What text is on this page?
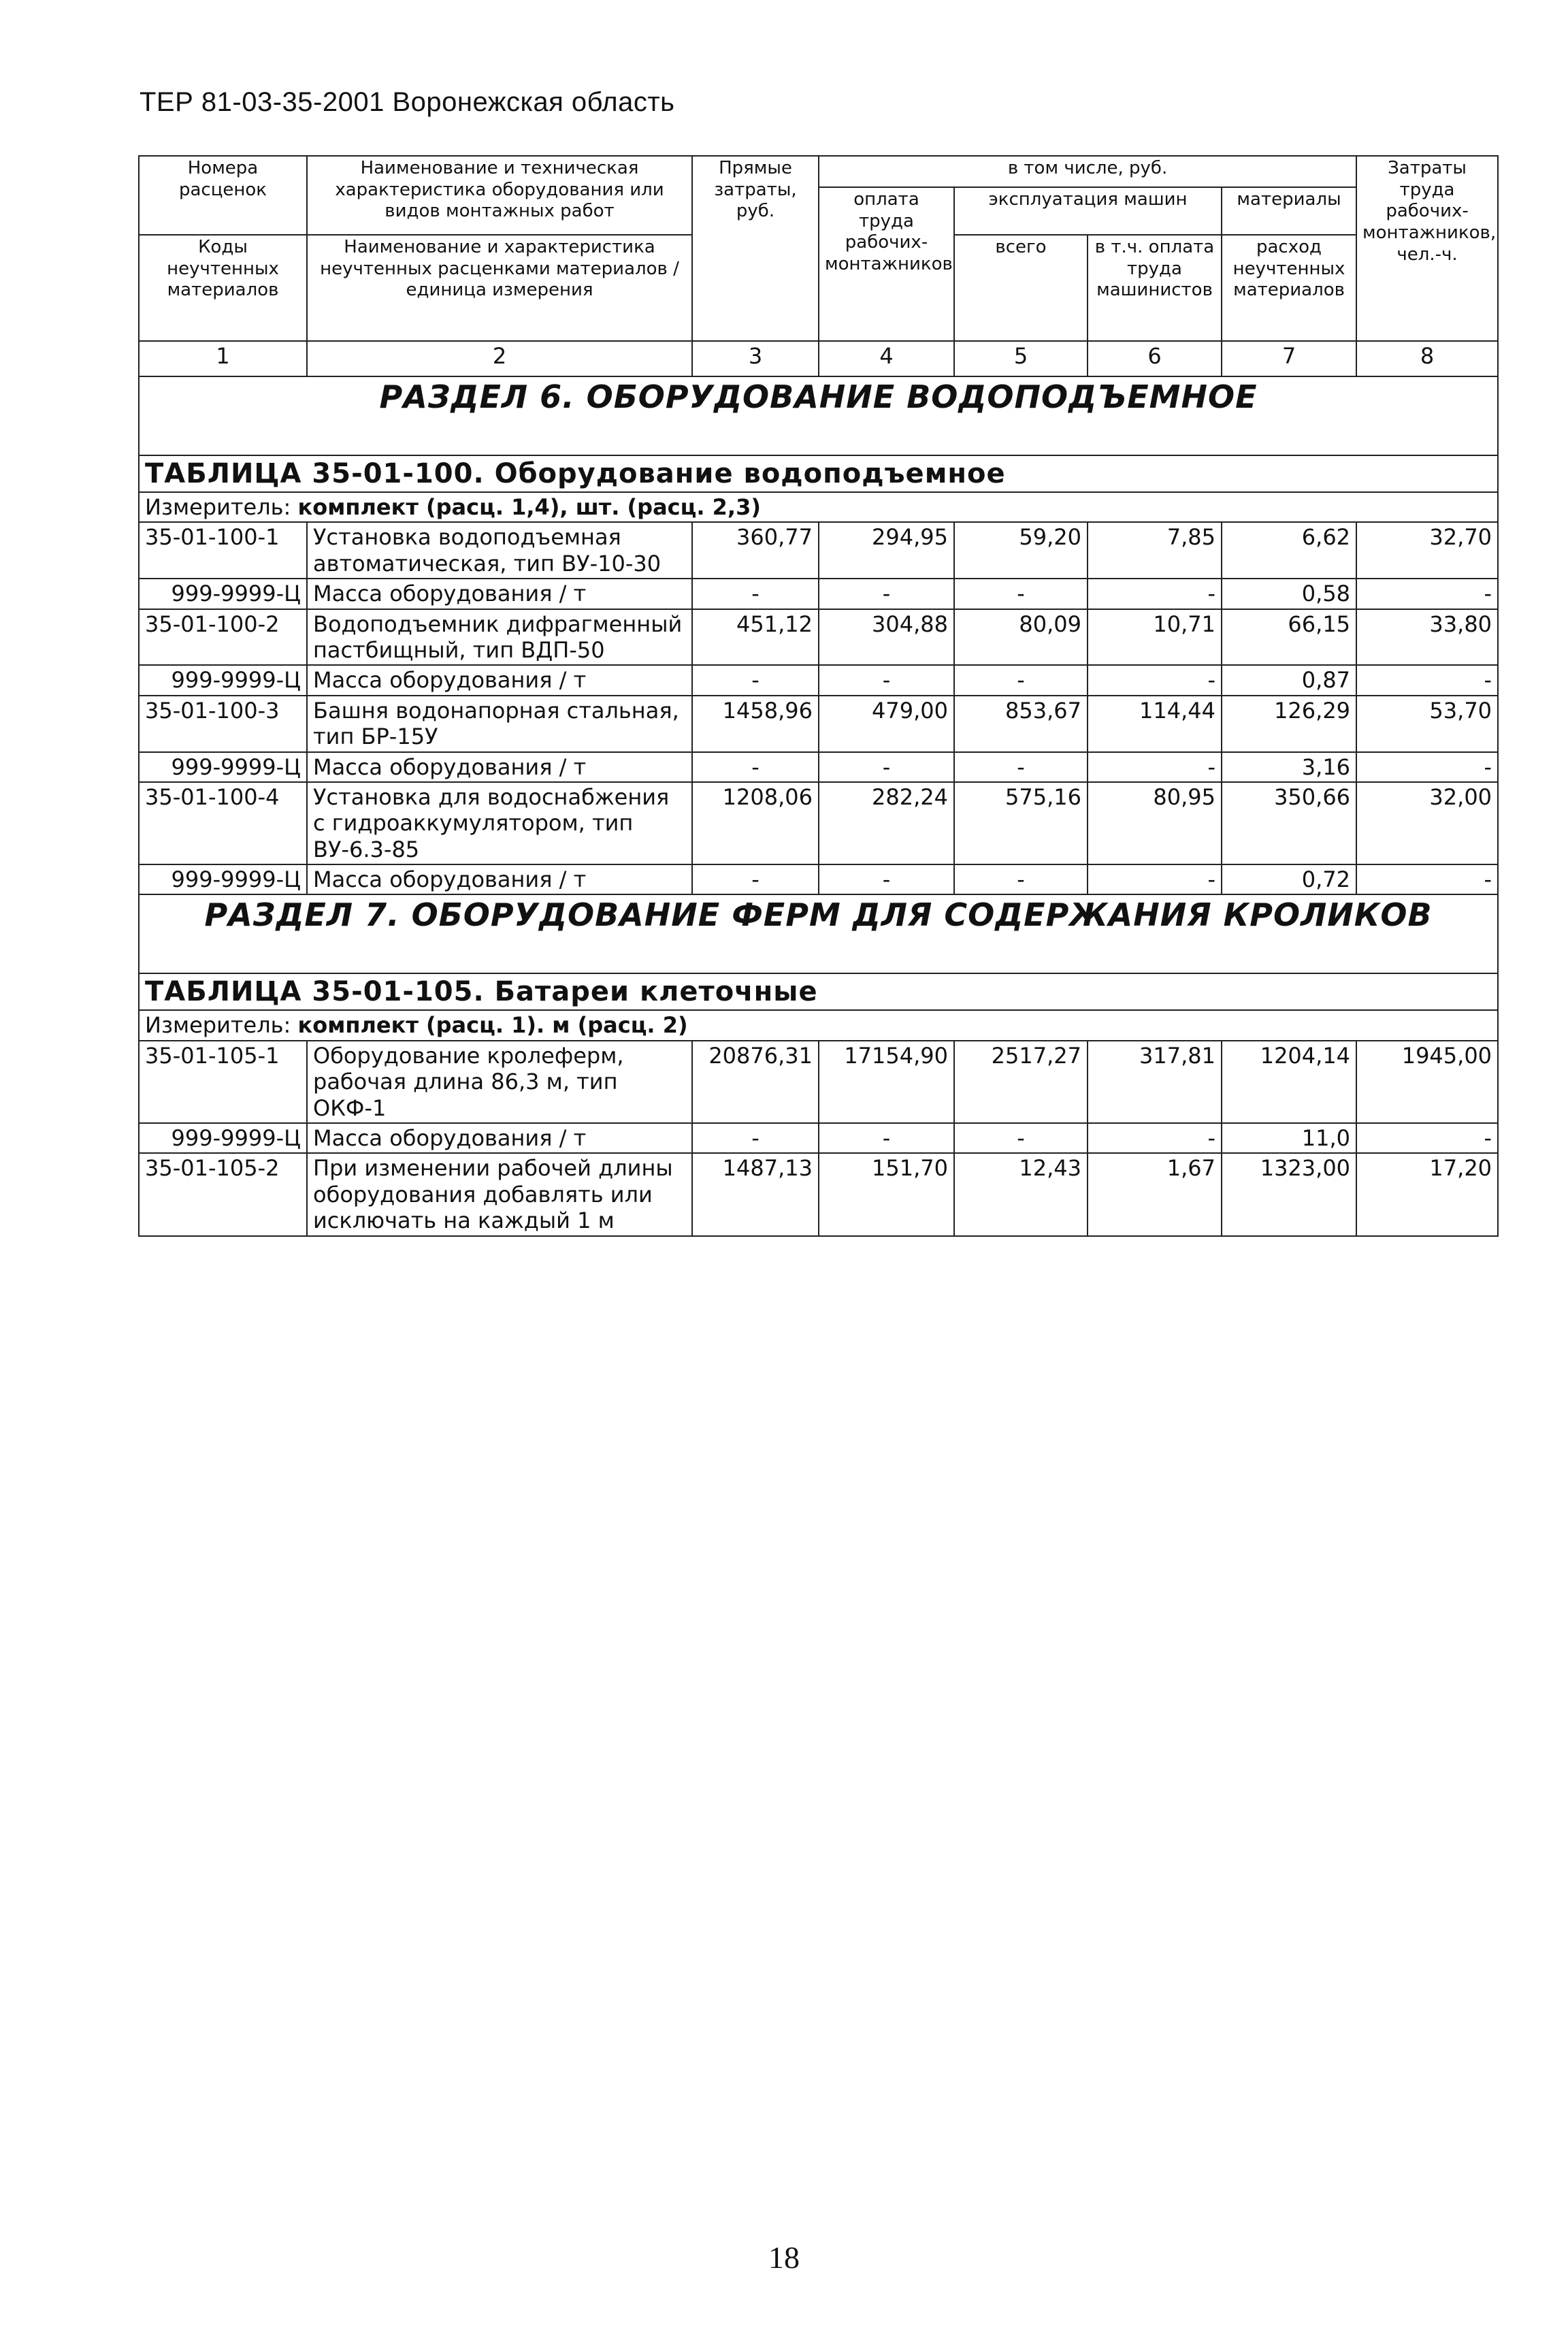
ТЕР 81-03-35-2001 Воронежская область
Номера расценок	Наименование и техническая характеристика оборудования или видов монтажных работ	Прямые затраты, руб.	в том числе, руб.				Затраты труда рабочих-монтажников, чел.-ч.
			оплата труда рабочих-монтажников	эксплуатация машин		материалы	
Коды неучтенных материалов	Наименование и характеристика неучтенных расценками материалов / единица измерения			всего	в т.ч. оплата труда машинистов	расход неучтенных материалов	

1	2	3	4	5	6	7	8
РАЗДЕЛ 6. ОБОРУДОВАНИЕ ВОДОПОДЪЕМНОЕ							
ТАБЛИЦА 35-01-100. Оборудование водоподъемное							
Измеритель: комплект (расц. 1,4), шт. (расц. 2,3)							
35-01-100-1	Установка водоподъемная автоматическая, тип ВУ-10-30	360,77	294,95	59,20	7,85	6,62	32,70
999-9999-Ц	Масса оборудования / т	-	-	-	-	0,58	-
35-01-100-2	Водоподъемник дифрагменный пастбищный, тип ВДП-50	451,12	304,88	80,09	10,71	66,15	33,80
999-9999-Ц	Масса оборудования / т	-	-	-	-	0,87	-
35-01-100-3	Башня водонапорная стальная, тип БР-15У	1458,96	479,00	853,67	114,44	126,29	53,70
999-9999-Ц	Масса оборудования / т	-	-	-	-	3,16	-
35-01-100-4	Установка для водоснабжения с гидроаккумулятором, тип ВУ-6.3-85	1208,06	282,24	575,16	80,95	350,66	32,00
999-9999-Ц	Масса оборудования / т	-	-	-	-	0,72	-
РАЗДЕЛ 7. ОБОРУДОВАНИЕ ФЕРМ ДЛЯ СОДЕРЖАНИЯ КРОЛИКОВ							
ТАБЛИЦА 35-01-105. Батареи клеточные							
Измеритель: комплект (расц. 1). м (расц. 2)							
35-01-105-1	Оборудование кролеферм, рабочая длина 86,3 м, тип ОКФ-1	20876,31	17154,90	2517,27	317,81	1204,14	1945,00
999-9999-Ц	Масса оборудования / т	-	-	-	-	11,0	-
35-01-105-2	При изменении рабочей длины оборудования добавлять или исключать на каждый 1 м	1487,13	151,70	12,43	1,67	1323,00	17,20
18
